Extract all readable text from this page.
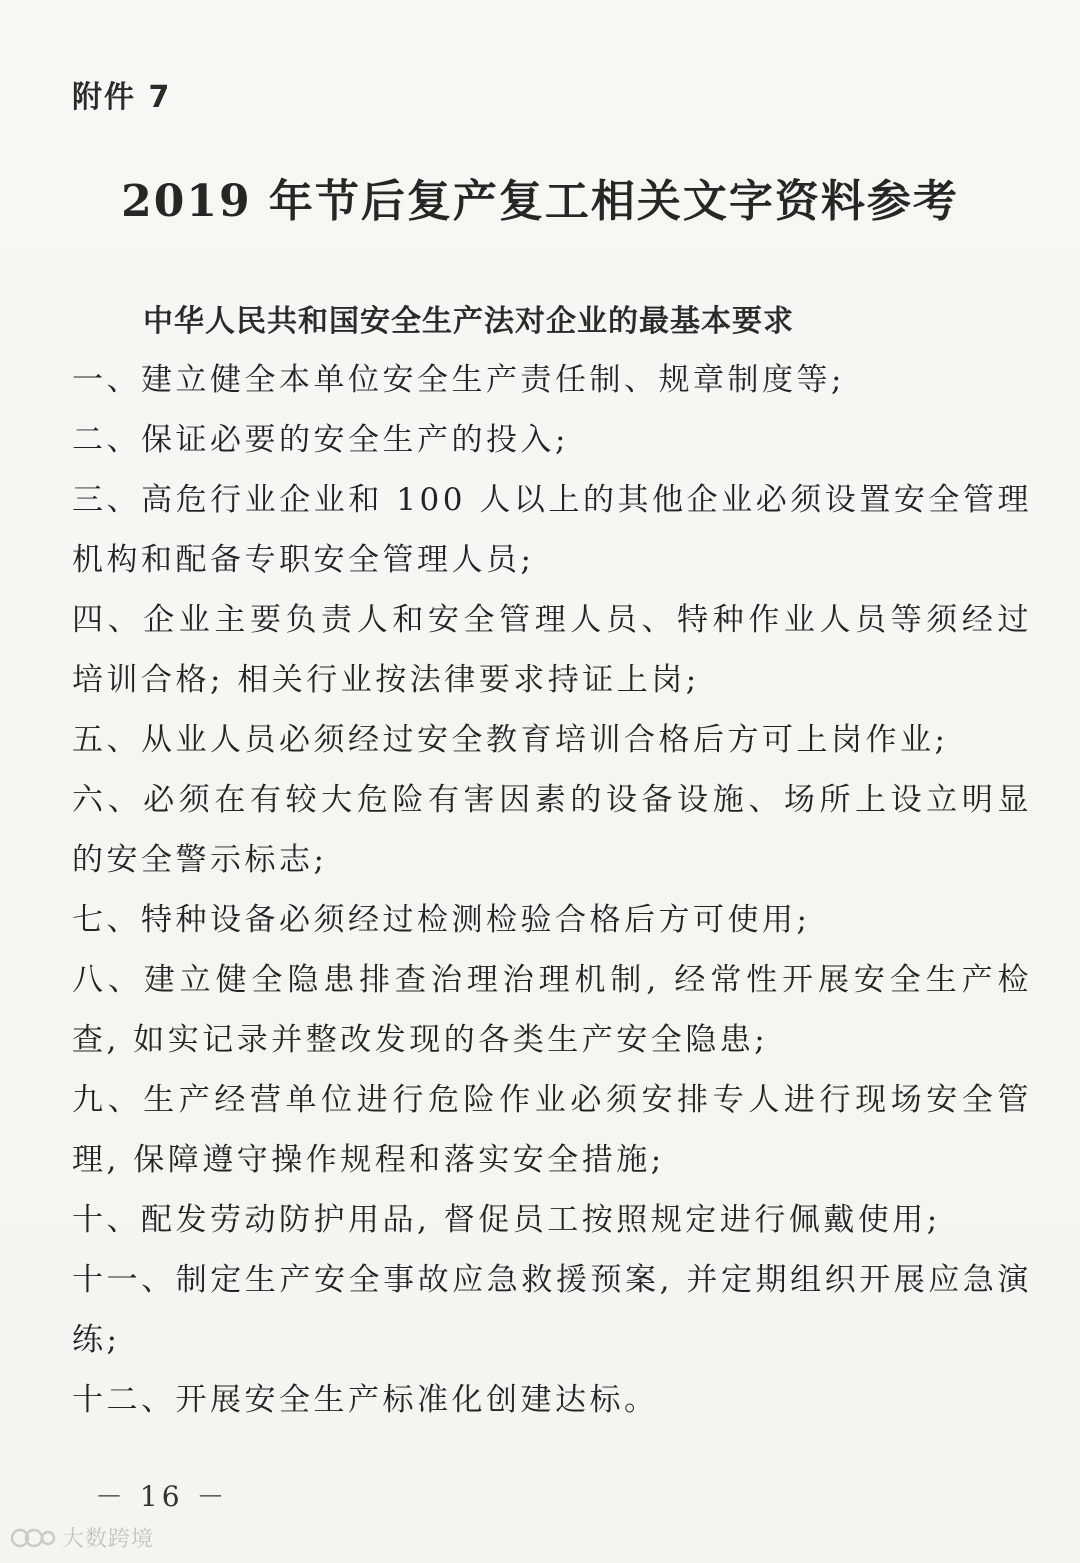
附件 7
2019 年节后复产复工相关文字资料参考
中华人民共和国安全生产法对企业的最基本要求
一、建立健全本单位安全生产责任制、规章制度等;
二、保证必要的安全生产的投入;
三、高危行业企业和 100 人以上的其他企业必须设置安全管理机构和配备专职安全管理人员;
四、企业主要负责人和安全管理人员、特种作业人员等须经过培训合格; 相关行业按法律要求持证上岗;
五、从业人员必须经过安全教育培训合格后方可上岗作业;
六、必须在有较大危险有害因素的设备设施、场所上设立明显的安全警示标志;
七、特种设备必须经过检测检验合格后方可使用;
八、建立健全隐患排查治理治理机制, 经常性开展安全生产检查, 如实记录并整改发现的各类生产安全隐患;
九、生产经营单位进行危险作业必须安排专人进行现场安全管理, 保障遵守操作规程和落实安全措施;
十、配发劳动防护用品, 督促员工按照规定进行佩戴使用;
十一、制定生产安全事故应急救援预案, 并定期组织开展应急演练;
十二、开展安全生产标准化创建达标。
－ 16 －
大数跨境
